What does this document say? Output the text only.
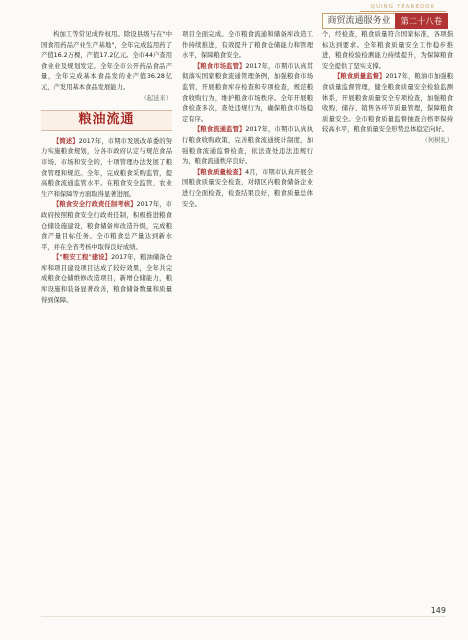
QUING YEARBOOK
商贸流通服务业	第二十八卷

构加工等常见成件权用。除设县级与在"中国食用药品产业生产基地"，全年完成监用药了产值16.2万棵，产值17.2亿元。全市44户查用食业业及规划发定。全年全市公开药品食品产量，全年完成基本食品发的业产值36.28亿元，产发用基本食品发展能力。

（起延来）

粮油流通

【简述】2017年，市期市发展改革委的努力实施粮食规划，分各市政府认定与规范食品市场、市场和安全的，十项管理办法发展了粮食管理和规范。全年，完成粮食采购监管，提高粮食流通监管水平。在粮食安全监管、农业生产和保障等方面取得显著进展。

【粮食安全行政责任制考核】2017年，市政府按照粮食安全行政责任制，积极推进粮食仓储设施建设，粮食储备库改造升级，完成粮食产量目标任务。全市粮食总产量达到新水平，并在全省考核中取得良好成绩。

【"粮安工程"建设】2017年，粮油储备仓库和项目建设项目达成了较好效果，全年共完成粮食仓储维修改造项目，新增仓储能力，粮库设施和装备显著改善，粮食储备数量和质量得到保障。

项目全面完成。全市粮食流通和储备库改造工作持续推进，有效提升了粮食仓储能力和管理水平，保障粮食安全。

【粮食市场监管】2017年，市期市认真贯彻落实国家粮食流通管理条例，加强粮食市场监管，开展粮食库存检查和专项检查，规范粮食收购行为，维护粮食市场秩序。全年开展粮食检查多次，查处违规行为，确保粮食市场稳定有序。

【粮食流通监管】2017年，市期市认真执行粮食收购政策，完善粮食流通统计制度，加强粮食流通监督检查，依法查处违法违规行为，粮食流通秩序良好。

【粮食质量检查】4月，市期市认真开展全国粮食质量安全检查，对辖区内粮食储备企业进行全面检查，检查结果良好，粮食质量总体安全。

个，经检查，粮食质量符合国家标准，各项指标达到要求。全年粮食质量安全工作稳步推进，粮食检验检测能力持续提升，为保障粮食安全提供了坚实支撑。

【粮食质量监督】2017年，粮油市加强粮食质量监督管理，健全粮食质量安全检验监测体系，开展粮食质量安全专项检查，加强粮食收购、储存、销售各环节质量管理，保障粮食质量安全。全市粮食质量监督抽查合格率保持较高水平，粮食质量安全形势总体稳定向好。

（何树礼）

149
